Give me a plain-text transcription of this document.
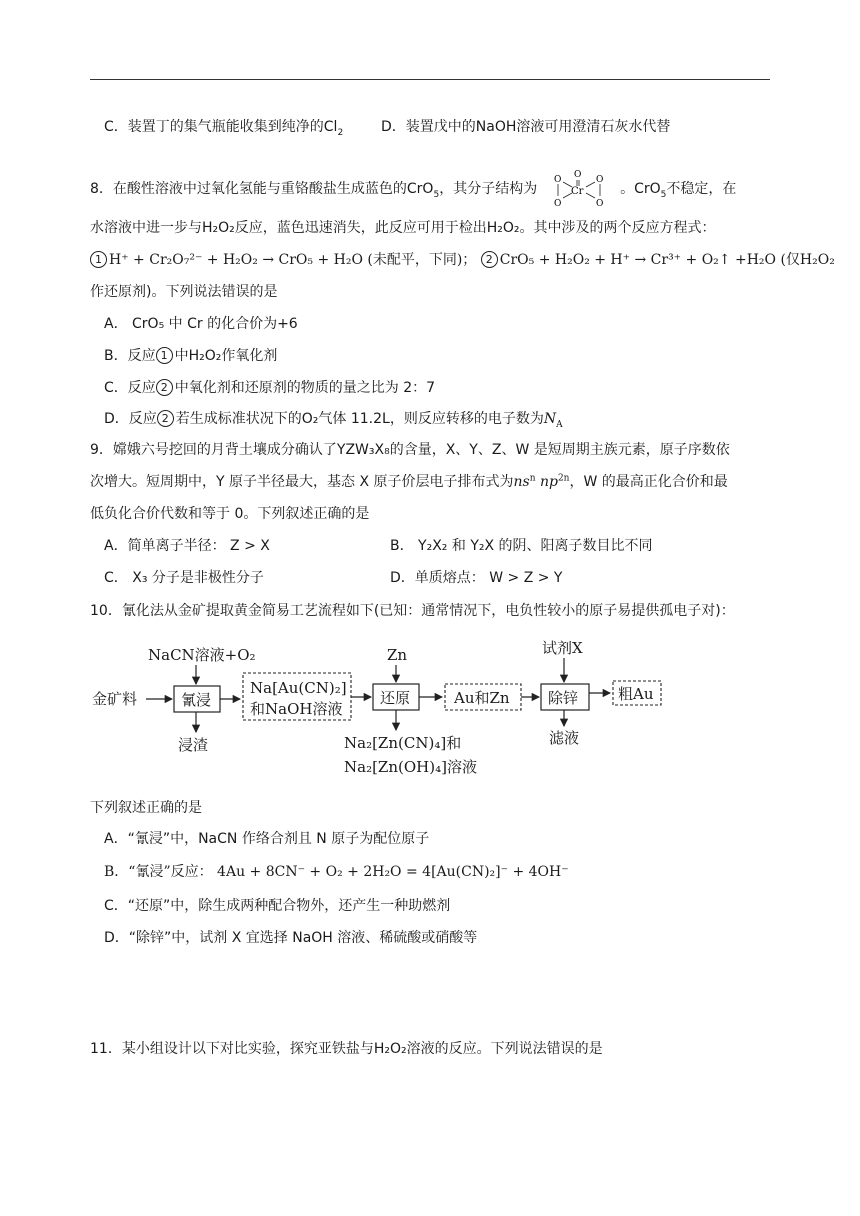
C．装置丁的集气瓶能收集到纯净的$Cl_2$	D．装置戊中的NaOH溶液可用澄清石灰水代替
8．在酸性溶液中过氧化氢能与重铬酸盐生成蓝色的CrO$_5$，其分子结构为
O
Cr
O
O
O
O
。CrO$_5$不稳定，在
水溶液中进一步与H₂O₂反应，蓝色迅速消失，此反应可用于检出H₂O₂。其中涉及的两个反应方程式：
1 H⁺ + Cr₂O₇²⁻ + H₂O₂ → CrO₅ + H₂O (未配平，下同)； 2 CrO₅ + H₂O₂ + H⁺ → Cr³⁺ + O₂↑ +H₂O (仅H₂O₂
作还原剂)。下列说法错误的是
A． CrO₅ 中 Cr 的化合价为+6
B．反应 1 中H₂O₂作氧化剂
C．反应 2 中氧化剂和还原剂的物质的量之比为 2：7
D．反应 2 若生成标准状况下的O₂气体 11.2L，则反应转移的电子数为$N_A$
9．嫦娥六号挖回的月背土壤成分确认了YZW₃X₈的含量，X、Y、Z、W 是短周期主族元素，原子序数依
次增大。短周期中，Y 原子半径最大，基态 X 原子价层电子排布式为$ns^n$ $np^{2n}$，W 的最高正化合价和最
低负化合价代数和等于 0。下列叙述正确的是
A．简单离子半径： Z > X	B． Y₂X₂ 和 Y₂X 的阴、阳离子数目比不同
C． X₃ 分子是非极性分子	D．单质熔点： W > Z > Y
10．氰化法从金矿提取黄金简易工艺流程如下(已知：通常情况下，电负性较小的原子易提供孤电子对)：
NaCN溶液+O₂
金矿料	氰浸
浸渣
Na[Au(CN)₂]
和NaOH溶液
Zn
还原
Na₂[Zn(CN)₄]和
Na₂[Zn(OH)₄]溶液
Au和Zn
试剂X
除锌
滤液
粗Au
下列叙述正确的是
A．“氰浸”中，NaCN 作络合剂且 N 原子为配位原子
B．“氰浸”反应： 4Au + 8CN⁻ + O₂ + 2H₂O = 4[Au(CN)₂]⁻ + 4OH⁻
C．“还原”中，除生成两种配合物外，还产生一种助燃剂
D．“除锌”中，试剂 X 宜选择 NaOH 溶液、稀硫酸或硝酸等
11．某小组设计以下对比实验，探究亚铁盐与H₂O₂溶液的反应。下列说法错误的是
